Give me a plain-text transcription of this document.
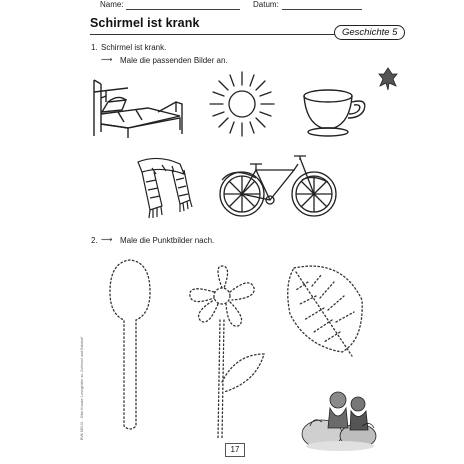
Name:	Datum:
Schirmel ist krank
Geschichte 5
1. Schirmel ist krank.
⟿ Male die passenden Bilder an.
2. ⟿ Male die Punktbilder nach.
17
BVK DE101 · Silke Krause: Lesegeister zu „Schirmel und Ostwind“
